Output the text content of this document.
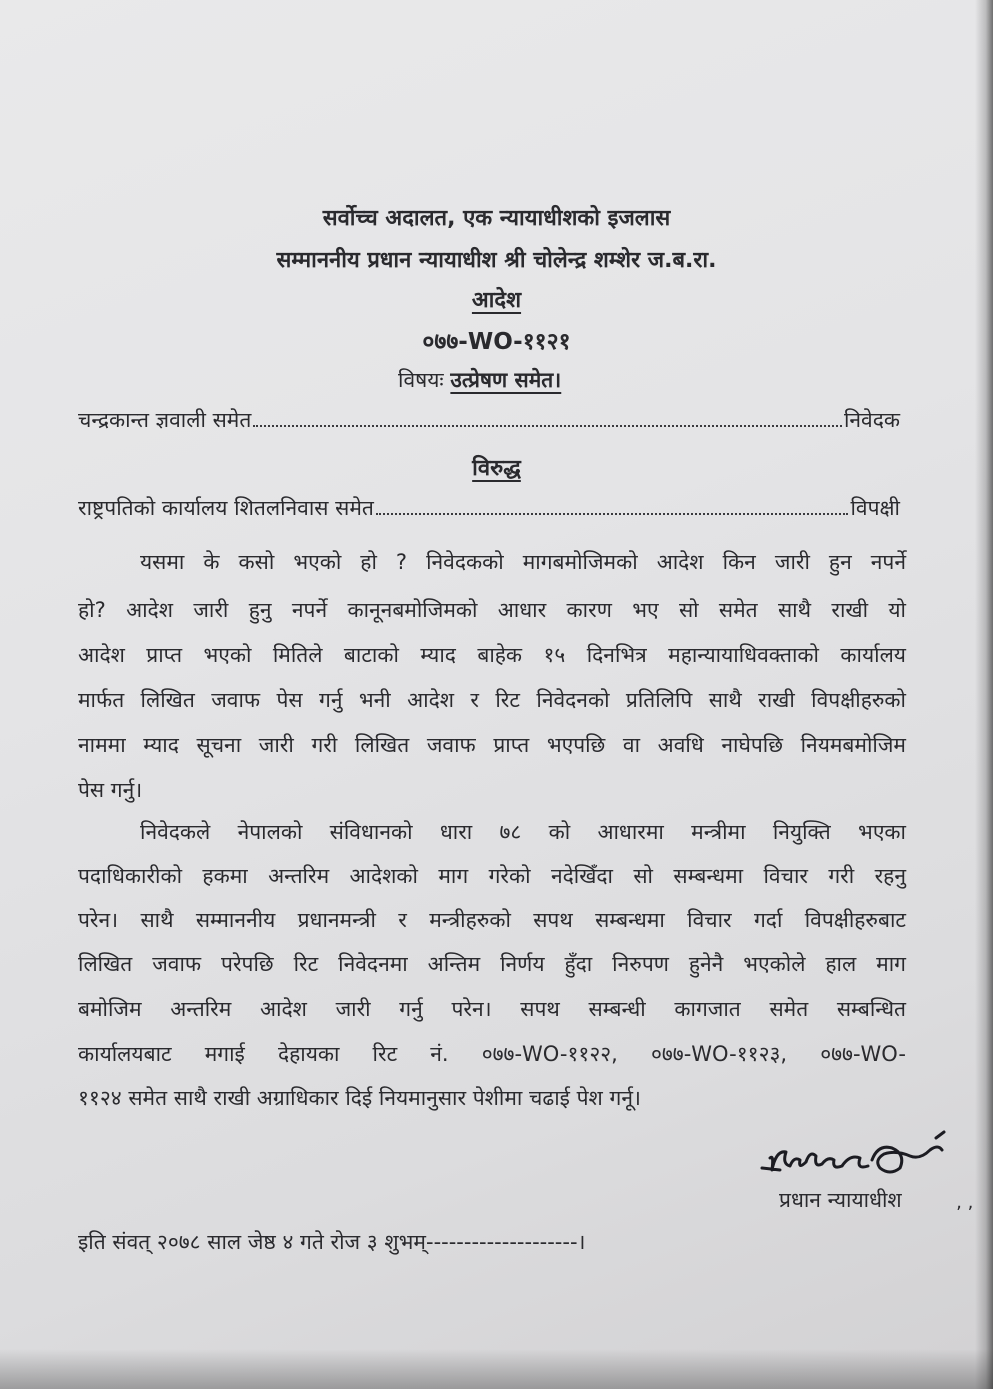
सर्वोच्च अदालत, एक न्यायाधीशको इजलास
सम्माननीय प्रधान न्यायाधीश श्री चोलेन्द्र शम्शेर ज.ब.रा.
आदेश
०७७-WO-११२१
विषयः उत्प्रेषण समेत।
चन्द्रकान्त ज्ञवाली समेत	निवेदक
विरुद्ध
राष्ट्रपतिको कार्यालय शितलनिवास समेत	विपक्षी
यसमा के कसो भएको हो ? निवेदकको मागबमोजिमको आदेश किन जारी हुन नपर्ने
हो? आदेश जारी हुनु नपर्ने कानूनबमोजिमको आधार कारण भए सो समेत साथै राखी यो
आदेश प्राप्त भएको मितिले बाटाको म्याद बाहेक १५ दिनभित्र महान्यायाधिवक्ताको कार्यालय
मार्फत लिखित जवाफ पेस गर्नु भनी आदेश र रिट निवेदनको प्रतिलिपि साथै राखी विपक्षीहरुको
नाममा म्याद सूचना जारी गरी लिखित जवाफ प्राप्त भएपछि वा अवधि नाघेपछि नियमबमोजिम
पेस गर्नु।
निवेदकले नेपालको संविधानको धारा ७८ को आधारमा मन्त्रीमा नियुक्ति भएका
पदाधिकारीको हकमा अन्तरिम आदेशको माग गरेको नदेखिँदा सो सम्बन्धमा विचार गरी रहनु
परेन। साथै सम्माननीय प्रधानमन्त्री र मन्त्रीहरुको सपथ सम्बन्धमा विचार गर्दा विपक्षीहरुबाट
लिखित जवाफ परेपछि रिट निवेदनमा अन्तिम निर्णय हुँदा निरुपण हुनेनै भएकोले हाल माग
बमोजिम अन्तरिम आदेश जारी गर्नु परेन। सपथ सम्बन्धी कागजात समेत सम्बन्धित
कार्यालयबाट मगाई देहायका रिट नं. ०७७-WO-११२२, ०७७-WO-११२३, ०७७-WO-
११२४ समेत साथै राखी अग्राधिकार दिई नियमानुसार पेशीमा चढाई पेश गर्नू।
प्रधान न्यायाधीश	‚ ‚
इति संवत् २०७८ साल जेष्ठ ४ गते रोज ३ शुभम्--------------------।
